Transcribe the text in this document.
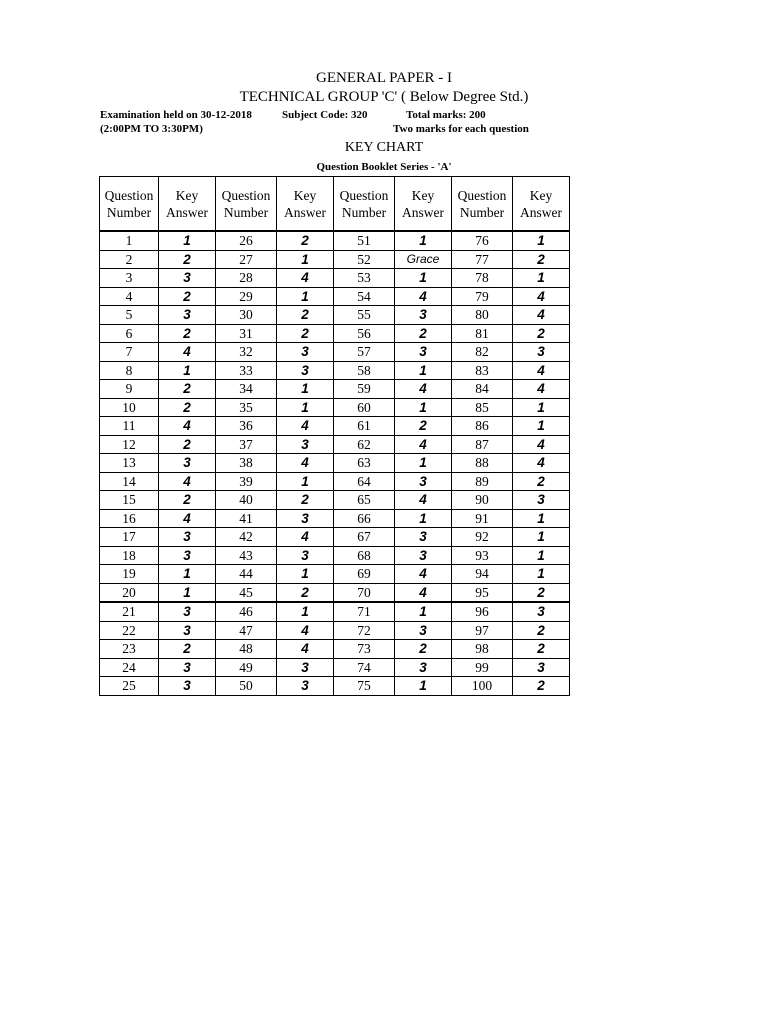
GENERAL PAPER - I
TECHNICAL GROUP 'C' ( Below Degree Std.)
Examination held on 30-12-2018	Subject Code: 320	Total marks: 200
(2:00PM TO 3:30PM)	Two marks for each question
KEY CHART
Question Booklet Series - 'A'
Question
Number	Key
Answer	Question
Number	Key
Answer	Question
Number	Key
Answer	Question
Number	Key
Answer
1	1	26	2	51	1	76	1
2	2	27	1	52	Grace	77	2
3	3	28	4	53	1	78	1
4	2	29	1	54	4	79	4
5	3	30	2	55	3	80	4
6	2	31	2	56	2	81	2
7	4	32	3	57	3	82	3
8	1	33	3	58	1	83	4
9	2	34	1	59	4	84	4
10	2	35	1	60	1	85	1
11	4	36	4	61	2	86	1
12	2	37	3	62	4	87	4
13	3	38	4	63	1	88	4
14	4	39	1	64	3	89	2
15	2	40	2	65	4	90	3
16	4	41	3	66	1	91	1
17	3	42	4	67	3	92	1
18	3	43	3	68	3	93	1
19	1	44	1	69	4	94	1
20	1	45	2	70	4	95	2
21	3	46	1	71	1	96	3
22	3	47	4	72	3	97	2
23	2	48	4	73	2	98	2
24	3	49	3	74	3	99	3
25	3	50	3	75	1	100	2
